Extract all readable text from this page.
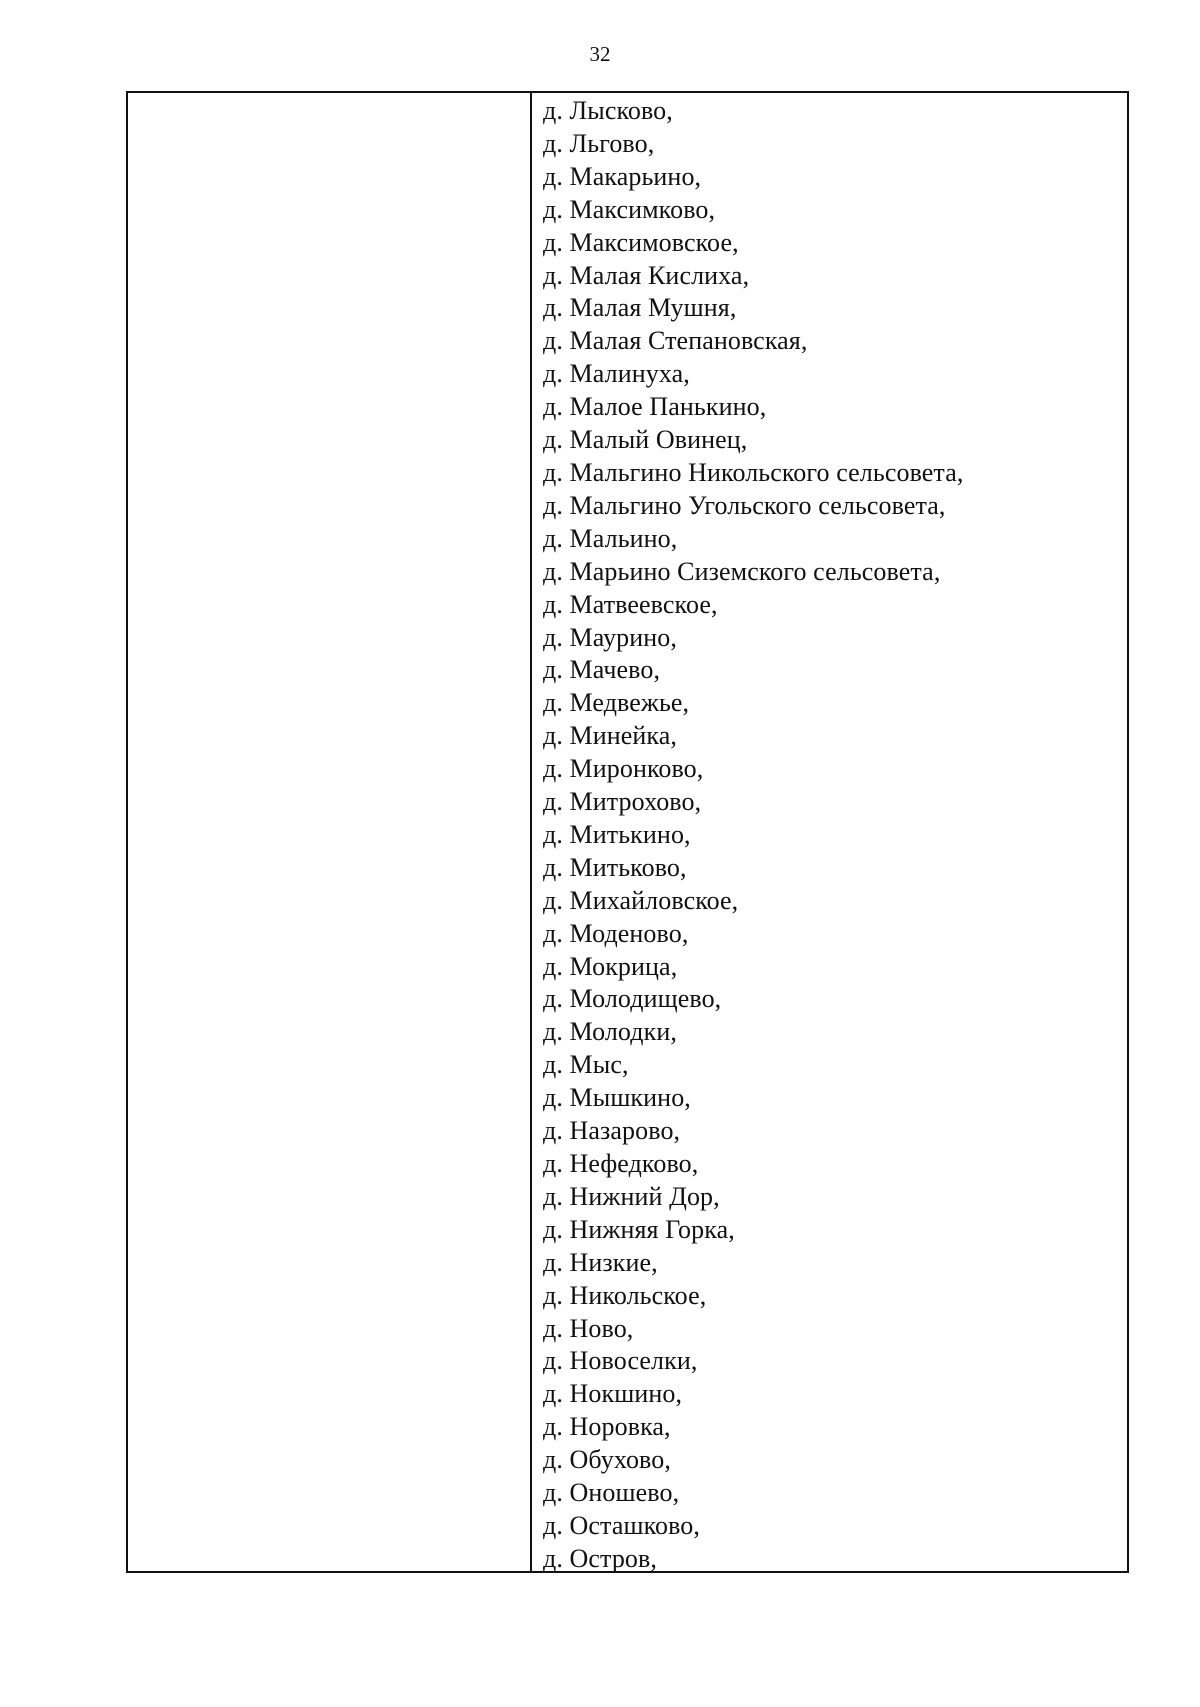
32
д. Лысково,
д. Льгово,
д. Макарьино,
д. Максимково,
д. Максимовское,
д. Малая Кислиха,
д. Малая Мушня,
д. Малая Степановская,
д. Малинуха,
д. Малое Панькино,
д. Малый Овинец,
д. Мальгино Никольского сельсовета,
д. Мальгино Угольского сельсовета,
д. Мальино,
д. Марьино Сиземского сельсовета,
д. Матвеевское,
д. Маурино,
д. Мачево,
д. Медвежье,
д. Минейка,
д. Миронково,
д. Митрохово,
д. Митькино,
д. Митьково,
д. Михайловское,
д. Моденово,
д. Мокрица,
д. Молодищево,
д. Молодки,
д. Мыс,
д. Мышкино,
д. Назарово,
д. Нефедково,
д. Нижний Дор,
д. Нижняя Горка,
д. Низкие,
д. Никольское,
д. Ново,
д. Новоселки,
д. Нокшино,
д. Норовка,
д. Обухово,
д. Оношево,
д. Осташково,
д. Остров,
